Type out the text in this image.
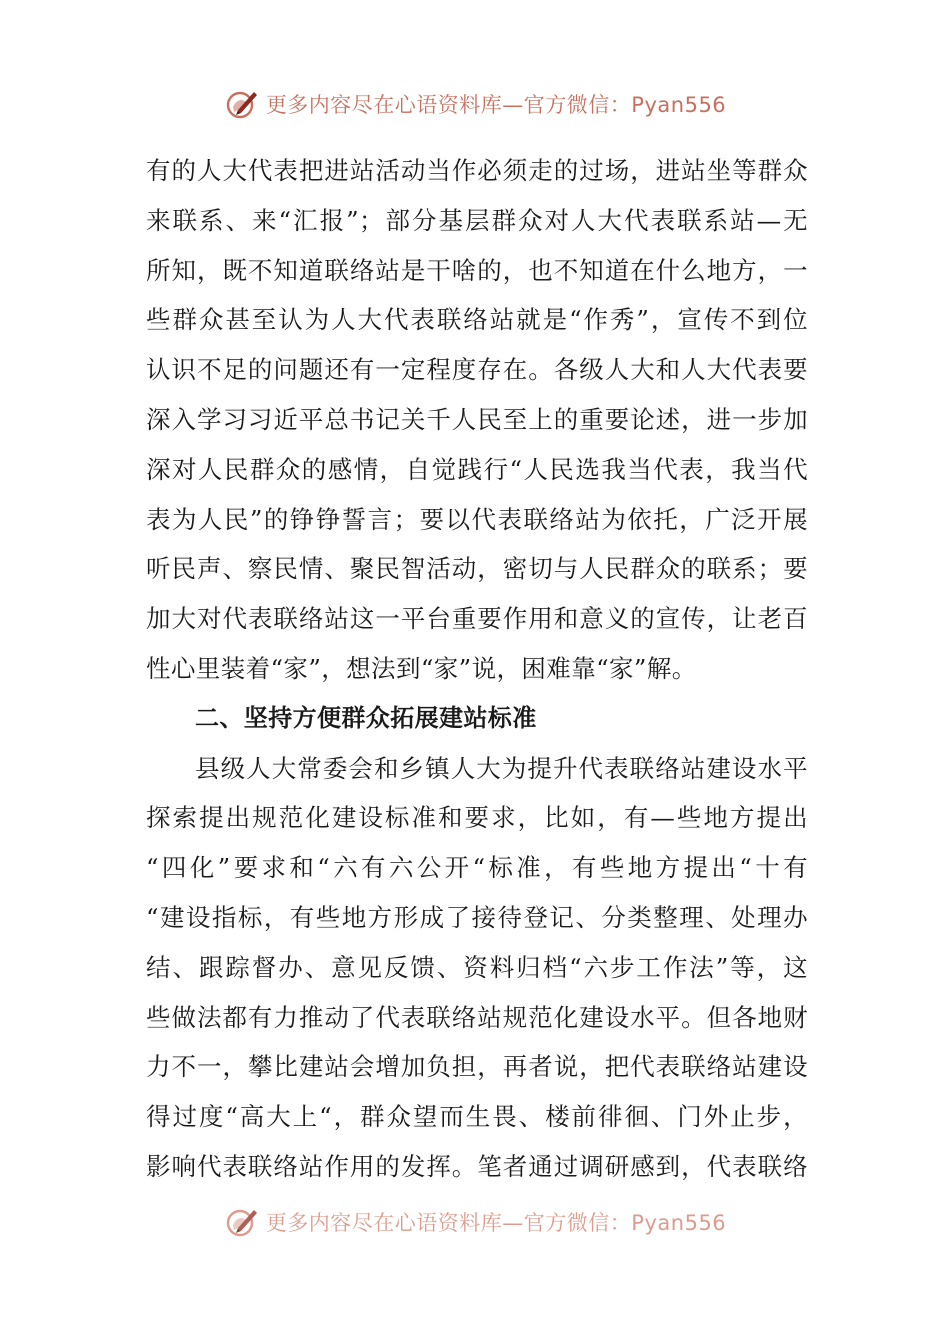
更多内容尽在心语资料库—官方微信：Pyan556
有的人大代表把进站活动当作必须走的过场，进站坐等群众
来联系、来“汇报”；部分基层群众对人大代表联系站—无
所知，既不知道联络站是干啥的，也不知道在什么地方，一
些群众甚至认为人大代表联络站就是“作秀”，宣传不到位
认识不足的问题还有一定程度存在。各级人大和人大代表要
深入学习习近平总书记关千人民至上的重要论述，进一步加
深对人民群众的感情，自觉践行“人民选我当代表，我当代
表为人民”的铮铮誓言；要以代表联络站为依托，广泛开展
听民声、察民情、聚民智活动，密切与人民群众的联系；要
加大对代表联络站这一平台重要作用和意义的宣传，让老百
性心里装着“家”，想法到“家”说，困难靠“家”解。
二、坚持方便群众拓展建站标准
县级人大常委会和乡镇人大为提升代表联络站建设水平
探索提出规范化建设标准和要求，比如，有—些地方提出
“四化”要求和“六有六公开“标准，有些地方提出“十有
“建设指标，有些地方形成了接待登记、分类整理、处理办
结、跟踪督办、意见反馈、资料归档“六步工作法”等，这
些做法都有力推动了代表联络站规范化建设水平。但各地财
力不一，攀比建站会增加负担，再者说，把代表联络站建设
得过度“高大上“，群众望而生畏、楼前徘徊、门外止步，
影响代表联络站作用的发挥。笔者通过调研感到，代表联络
更多内容尽在心语资料库—官方微信：Pyan556
